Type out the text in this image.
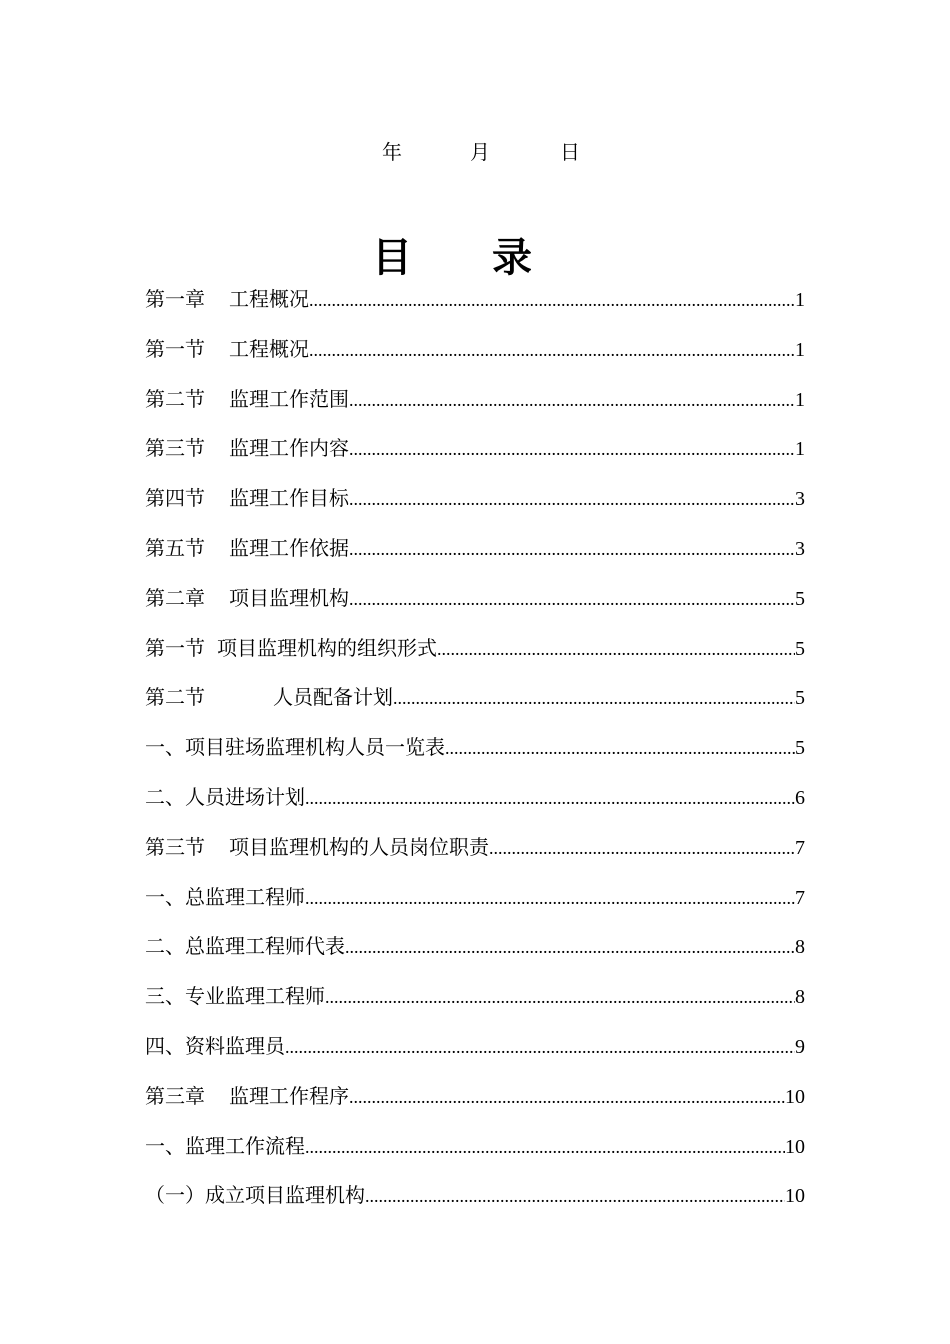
年	月	日
目 录
第一章 工程概况 .....	1
第一节 工程概况 .....	1
第二节 监理工作范围 .....	1
第三节 监理工作内容 .....	1
第四节 监理工作目标 .....	3
第五节 监理工作依据 .....	3
第二章 项目监理机构 .....	5
第一节 项目监理机构的组织形式 .....	5
第二节	人员配备计划 .....	5
一、项目驻场监理机构人员一览表 .....	5
二、人员进场计划 .....	6
第三节 项目监理机构的人员岗位职责 .....	7
一、总监理工程师 .....	7
二、总监理工程师代表 .....	8
三、专业监理工程师 .....	8
四、资料监理员 .....	9
第三章 监理工作程序 .....	10
一、监理工作流程 .....	10
（一）成立项目监理机构 .....	10
